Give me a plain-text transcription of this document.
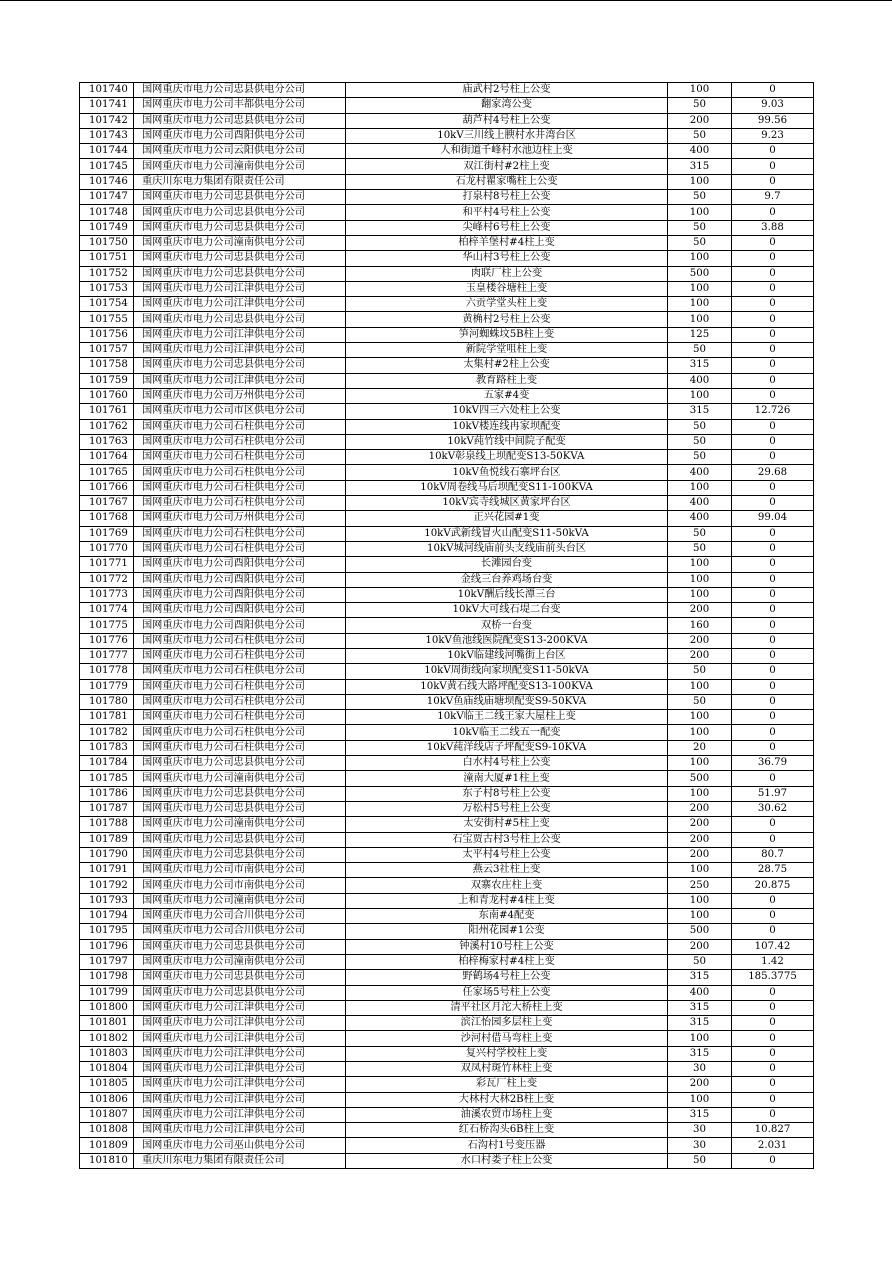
101740	国网重庆市电力公司忠县供电分公司	庙武村2号柱上公变	100	0
101741	国网重庆市电力公司丰都供电分公司	翻家湾公变	50	9.03
101742	国网重庆市电力公司忠县供电分公司	葫芦村4号柱上公变	200	99.56
101743	国网重庆市电力公司酉阳供电分公司	10kV三川线上腴村水井湾台区	50	9.23
101744	国网重庆市电力公司云阳供电分公司	人和街道千峰村水池边柱上变	400	0
101745	国网重庆市电力公司潼南供电分公司	双江街村#2柱上变	315	0
101746	重庆川东电力集团有限责任公司	石龙村瞿家嘴柱上公变	100	0
101747	国网重庆市电力公司忠县供电分公司	打泉村8号柱上公变	50	9.7
101748	国网重庆市电力公司忠县供电分公司	和平村4号柱上公变	100	0
101749	国网重庆市电力公司忠县供电分公司	尖峰村6号柱上公变	50	3.88
101750	国网重庆市电力公司潼南供电分公司	柏梓羊堡村#4柱上变	50	0
101751	国网重庆市电力公司忠县供电分公司	华山村3号柱上公变	100	0
101752	国网重庆市电力公司忠县供电分公司	肉联厂柱上公变	500	0
101753	国网重庆市电力公司江津供电分公司	玉皇楼谷塘柱上变	100	0
101754	国网重庆市电力公司江津供电分公司	六贡学堂头柱上变	100	0
101755	国网重庆市电力公司忠县供电分公司	黄桷村2号柱上公变	100	0
101756	国网重庆市电力公司江津供电分公司	笋河蜘蛛坟5B柱上变	125	0
101757	国网重庆市电力公司江津供电分公司	新院学堂咀柱上变	50	0
101758	国网重庆市电力公司忠县供电分公司	太集村#2柱上公变	315	0
101759	国网重庆市电力公司江津供电分公司	教育路柱上变	400	0
101760	国网重庆市电力公司万州供电分公司	五家#4变	100	0
101761	国网重庆市电力公司市区供电分公司	10kV四三六处柱上公变	315	12.726
101762	国网重庆市电力公司石柱供电分公司	10kV楼连线冉家坝配变	50	0
101763	国网重庆市电力公司石柱供电分公司	10kV莼竹线中间院子配变	50	0
101764	国网重庆市电力公司石柱供电分公司	10kV彰泉线上坝配变S13-50KVA	50	0
101765	国网重庆市电力公司石柱供电分公司	10kV鱼悦线石寨坪台区	400	29.68
101766	国网重庆市电力公司石柱供电分公司	10kV周卷线马后坝配变S11-100KVA	100	0
101767	国网重庆市电力公司石柱供电分公司	10kV宾寺线城区黄家坪台区	400	0
101768	国网重庆市电力公司万州供电分公司	正兴花园#1变	400	99.04
101769	国网重庆市电力公司石柱供电分公司	10kV武新线冒火山配变S11-50kVA	50	0
101770	国网重庆市电力公司石柱供电分公司	10kV城河线庙前头支线庙前头台区	50	0
101771	国网重庆市电力公司酉阳供电分公司	长滩园台变	100	0
101772	国网重庆市电力公司酉阳供电分公司	金线三台养鸡场台变	100	0
101773	国网重庆市电力公司酉阳供电分公司	10kV酬后线长潭三台	100	0
101774	国网重庆市电力公司酉阳供电分公司	10kV大可线石堤二台变	200	0
101775	国网重庆市电力公司酉阳供电分公司	双桥一台变	160	0
101776	国网重庆市电力公司石柱供电分公司	10kV鱼池线医院配变S13-200KVA	200	0
101777	国网重庆市电力公司石柱供电分公司	10kV临建线河嘴街上台区	200	0
101778	国网重庆市电力公司石柱供电分公司	10kV周街线向家坝配变S11-50kVA	50	0
101779	国网重庆市电力公司石柱供电分公司	10kV黄石线大路坪配变S13-100KVA	100	0
101780	国网重庆市电力公司石柱供电分公司	10kV鱼庙线庙塘坝配变S9-50KVA	50	0
101781	国网重庆市电力公司石柱供电分公司	10kV临王二线王家大屋柱上变	100	0
101782	国网重庆市电力公司石柱供电分公司	10kV临王二线五一配变	100	0
101783	国网重庆市电力公司石柱供电分公司	10kV莼洋线店子坪配变S9-10KVA	20	0
101784	国网重庆市电力公司忠县供电分公司	白水村4号柱上公变	100	36.79
101785	国网重庆市电力公司潼南供电分公司	潼南大厦#1柱上变	500	0
101786	国网重庆市电力公司忠县供电分公司	东子村8号柱上公变	100	51.97
101787	国网重庆市电力公司忠县供电分公司	万松村5号柱上公变	200	30.62
101788	国网重庆市电力公司潼南供电分公司	太安街村#5柱上变	200	0
101789	国网重庆市电力公司忠县供电分公司	石宝贾古村3号柱上公变	200	0
101790	国网重庆市电力公司忠县供电分公司	太平村4号柱上公变	200	80.7
101791	国网重庆市电力公司市南供电分公司	燕云3社柱上变	100	28.75
101792	国网重庆市电力公司市南供电分公司	双寨农庄柱上变	250	20.875
101793	国网重庆市电力公司潼南供电分公司	上和青龙村#4柱上变	100	0
101794	国网重庆市电力公司合川供电分公司	东南#4配变	100	0
101795	国网重庆市电力公司合川供电分公司	阳州花园#1公变	500	0
101796	国网重庆市电力公司忠县供电分公司	钟溪村10号柱上公变	200	107.42
101797	国网重庆市电力公司潼南供电分公司	柏梓梅家村#4柱上变	50	1.42
101798	国网重庆市电力公司忠县供电分公司	野鹤场4号柱上公变	315	185.3775
101799	国网重庆市电力公司忠县供电分公司	任家场5号柱上公变	400	0
101800	国网重庆市电力公司江津供电分公司	清平社区月沱大桥柱上变	315	0
101801	国网重庆市电力公司江津供电分公司	滨江怡园多层柱上变	315	0
101802	国网重庆市电力公司江津供电分公司	沙河村借马弯柱上变	100	0
101803	国网重庆市电力公司江津供电分公司	复兴村学校柱上变	315	0
101804	国网重庆市电力公司江津供电分公司	双凤村斑竹林柱上变	30	0
101805	国网重庆市电力公司江津供电分公司	彩瓦厂柱上变	200	0
101806	国网重庆市电力公司江津供电分公司	大林村大林2B柱上变	100	0
101807	国网重庆市电力公司江津供电分公司	油溪农贸市场柱上变	315	0
101808	国网重庆市电力公司江津供电分公司	红石桥沟头6B柱上变	30	10.827
101809	国网重庆市电力公司巫山供电分公司	石沟村1号变压器	30	2.031
101810	重庆川东电力集团有限责任公司	水口村娄子柱上公变	50	0
